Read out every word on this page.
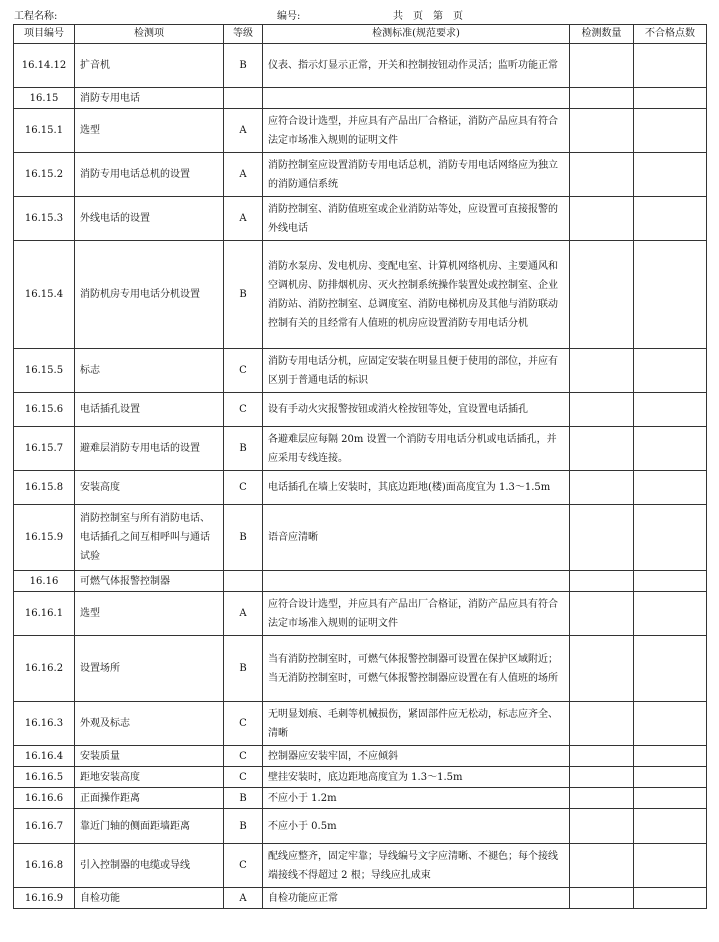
工程名称:	编号:	共　页　第　页
项目编号	检测项	等级	检测标准(规范要求)	检测数量	不合格点数
16.14.12	扩音机	B	仪表、指示灯显示正常，开关和控制按钮动作灵活；监听功能正常		
16.15	消防专用电话				
16.15.1	选型	A	应符合设计选型，并应具有产品出厂合格证，消防产品应具有符合法定市场准入规则的证明文件		
16.15.2	消防专用电话总机的设置	A	消防控制室应设置消防专用电话总机，消防专用电话网络应为独立的消防通信系统		
16.15.3	外线电话的设置	A	消防控制室、消防值班室或企业消防站等处，应设置可直接报警的外线电话		
16.15.4	消防机房专用电话分机设置	B	消防水泵房、发电机房、变配电室、计算机网络机房、主要通风和空调机房、防排烟机房、灭火控制系统操作装置处或控制室、企业消防站、消防控制室、总调度室、消防电梯机房及其他与消防联动控制有关的且经常有人值班的机房应设置消防专用电话分机		
16.15.5	标志	C	消防专用电话分机，应固定安装在明显且便于使用的部位，并应有区别于普通电话的标识		
16.15.6	电话插孔设置	C	设有手动火灾报警按钮或消火栓按钮等处，宜设置电话插孔		
16.15.7	避难层消防专用电话的设置	B	各避难层应每隔 20m 设置一个消防专用电话分机或电话插孔，并应采用专线连接。		
16.15.8	安装高度	C	电话插孔在墙上安装时，其底边距地(楼)面高度宜为 1.3～1.5m		
16.15.9	消防控制室与所有消防电话、电话插孔之间互相呼叫与通话试验	B	语音应清晰		
16.16	可燃气体报警控制器				
16.16.1	选型	A	应符合设计选型，并应具有产品出厂合格证，消防产品应具有符合法定市场准入规则的证明文件		
16.16.2	设置场所	B	当有消防控制室时，可燃气体报警控制器可设置在保护区域附近；当无消防控制室时，可燃气体报警控制器应设置在有人值班的场所		
16.16.3	外观及标志	C	无明显划痕、毛刺等机械损伤，紧固部件应无松动，标志应齐全、清晰		
16.16.4	安装质量	C	控制器应安装牢固，不应倾斜		
16.16.5	距地安装高度	C	壁挂安装时，底边距地高度宜为 1.3～1.5m		
16.16.6	正面操作距离	B	不应小于 1.2m		
16.16.7	靠近门轴的侧面距墙距离	B	不应小于 0.5m		
16.16.8	引入控制器的电缆或导线	C	配线应整齐，固定牢靠；导线编号文字应清晰、不褪色；每个接线端接线不得超过 2 根；导线应扎成束		
16.16.9	自检功能	A	自检功能应正常		
